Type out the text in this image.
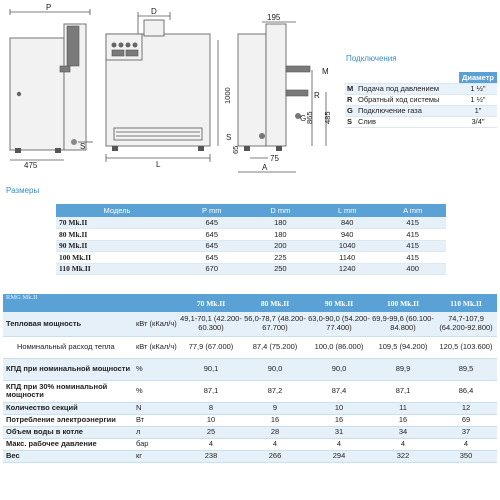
P
S
475
D
L
1000
195
M
R
G
S
865 485
65
75
A
Подключения
		Диаметр
M	Подача под давлением	1 ½"
R	Обратный ход системы	1 ½"
G	Подключение газа	1"
S	Слив	3/4"
Размеры
Модель	P mm	D mm	L mm	A mm
70 Mk.II	645	180	840	415
80 Mk.II	645	180	940	415
90 Mk.II	645	200	1040	415
100 Mk.II	645	225	1140	415
110 Mk.II	670	250	1240	400
RMG Mk.II		70 Mk.II	80 Mk.II	90 Mk.II	100 Mk.II	110 Mk.II
Тепловая мощность	кВт (кКал/ч)	49,1-70,1 (42.200-60.300)	56,0-78,7 (48.200-67.700)	63,0-90,0 (54.200-77.400)	69,9-99,6 (60.100-84.800)	74,7-107,9 (64.200-92.800)
Номинальный расход тепла	кВт (кКал/ч)	77,9 (67.000)	87,4 (75.200)	100,0 (86.000)	109,5 (94.200)	120,5 (103.600)
КПД при номинальной мощности	%	90,1	90,0	90,0	89,9	89,5
КПД при 30% номинальной мощности	%	87,1	87,2	87,4	87,1	86,4
Количество секций	N	8	9	10	11	12
Потребление электроэнергии	Вт	10	16	16	16	69
Объем воды в котле	л	25	28	31	34	37
Макс. рабочее давление	бар	4	4	4	4	4
Вес	кг	238	266	294	322	350
